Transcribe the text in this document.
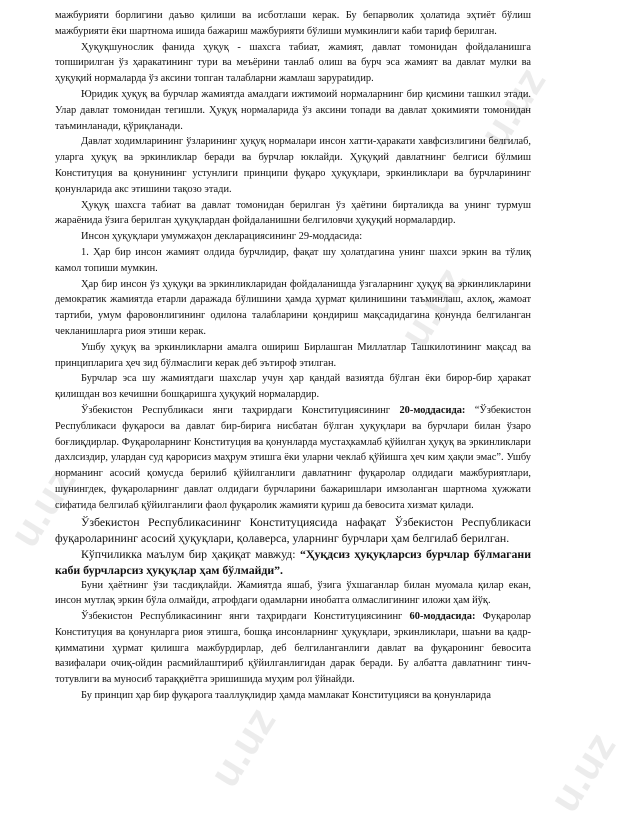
u.uz
u.uz
u.uz
u.uz
u.uz

мажбурияти борлигини даъво қилиши ва исботлаши керак. Бу бепарволик ҳолатида эҳтиёт бўлиш мажбурияти ёки шартнома ишида бажариш мажбурияти бўлиши мумкинлиги каби тариф берилган.

Ҳуқуқшунослик фанида ҳуқуқ - шахсга табиат, жамият, давлат томонидан фойдаланишга топширилган ўз ҳаракатининг тури ва меъёрини танлаб олиш ва бурч эса жамият ва давлат мулки ва ҳуқуқий нормаларда ўз аксини топган талабларни жамлаш зарурatидир.

Юридик ҳуқуқ ва бурчлар жамиятда амалдаги ижтимоий нормаларнинг бир қисмини ташкил этади. Улар давлат томонидан тегишли. Ҳуқуқ нормаларида ўз аксини топади ва давлат ҳокимияти томонидан таъминланади, қўриқланади.

Давлат ходимларининг ўзларининг ҳуқуқ нормалари инсон хатти-ҳаракати хавфсизлигини белгилаб, уларга ҳуқуқ ва эркинликлар беради ва бурчлар юклайди. Ҳуқуқий давлатнинг белгиси бўлмиш Конституция ва қонунининг устунлиги принципи фуқаро ҳуқуқлари, эркинликлари ва бурчларининг қонунларида акс этишини тақозо этади.

Ҳуқуқ шахсга табиат ва давлат томонидан берилган ўз ҳаётини бирталикда ва унинг турмуш жараёнида ўзига берилган ҳуқуқлардан фойдаланишни белгиловчи ҳуқуқий нормалардир.

Инсон ҳуқуқлари умумжаҳон декларациясининг 29-моддасида:

1. Ҳар бир инсон жамият олдида бурчлидир, фақат шу ҳолатдагина унинг шахси эркин ва тўлиқ камол топиши мумкин.

Ҳар бир инсон ўз ҳуқуқи ва эркинликларидан фойдаланишда ўзгаларнинг ҳуқуқ ва эркинликларини демократик жамиятда етарли даражада бўлишини ҳамда ҳурмат қилинишини таъминлаш, ахлоқ, жамоат тартиби, умум фаровонлигининг одилона талабларини қондириш мақсадидагина қонунда белгиланган чекланишларга риоя этиши керак.

Ушбу ҳуқуқ ва эркинликларни амалга ошириш Бирлашган Миллатлар Ташкилотининг мақсад ва принципларига ҳеч зид бўлмаслиги керак деб эътироф этилган.

Бурчлар эса шу жамиятдаги шахслар учун ҳар қандай вазиятда бўлган ёки бирор-бир ҳаракат қилишдан воз кечишни бошқаришга ҳуқуқий нормалардир.

Ўзбекистон Республикаси янги таҳрирдаги Конституциясининг 20-моддасида: “Ўзбекистон Республикаси фуқароси ва давлат бир-бирига нисбатан бўлган ҳуқуқлари ва бурчлари билан ўзаро боғлиқдирлар. Фуқароларнинг Конституция ва қонунларда мустаҳкамлаб қўйилган ҳуқуқ ва эркинликлари дахлсиздир, улардан суд қарорисиз маҳрум этишга ёки уларни чеклаб қўйишга ҳеч ким ҳақли эмас”. Ушбу норманинг асосий қомусда берилиб қўйилганлиги давлатнинг фуқаролар олдидаги мажбуриятлари, шунингдек, фуқароларнинг давлат олдидаги бурчларини бажаришлари имзоланган шартнома ҳужжати сифатида белгилаб қўйилганлиги фаол фуқаролик жамияти қуриш да бевосита хизмат қилади.

Ўзбекистон Республикасининг Конституциясида нафақат Ўзбекистон Республикаси фуқароларининг асосий ҳуқуқлари, қолаверса, уларнинг бурчлари ҳам белгилаб берилган.

Кўпчиликка маълум бир ҳақиқат мавжуд: “Ҳуқдсиз ҳуқуқларсиз бурчлар бўлмагани каби бурчларсиз ҳуқуқлар ҳам бўлмайди”.

Буни ҳаётнинг ўзи тасдиқлайди. Жамиятда яшаб, ўзига ўхшаганлар билан муомала қилар екан, инсон мутлақ эркин бўла олмайди, атрофдаги одамларни инобатга олмаслигининг иложи ҳам йўқ.

Ўзбекистон Республикасининг янги таҳрирдаги Конституциясининг 60-моддасида: Фуқаролар Конституция ва қонунларга риоя этишга, бошқа инсонларнинг ҳуқуқлари, эркинликлари, шаъни ва қадр-қимматини ҳурмат қилишга мажбурдирлар, деб белгиланганлиги давлат ва фуқаронинг бевосита вазифалари очиқ-ойдин расмийлаштириб қўйилганлигидан дарак беради. Бу албатта давлатнинг тинч-тотувлиги ва муносиб тараққиётга эришишида муҳим рол ўйнайди.

Бу принцип ҳар бир фуқарога тааллуқлидир ҳамда мамлакат Конституцияси ва қонунларида
